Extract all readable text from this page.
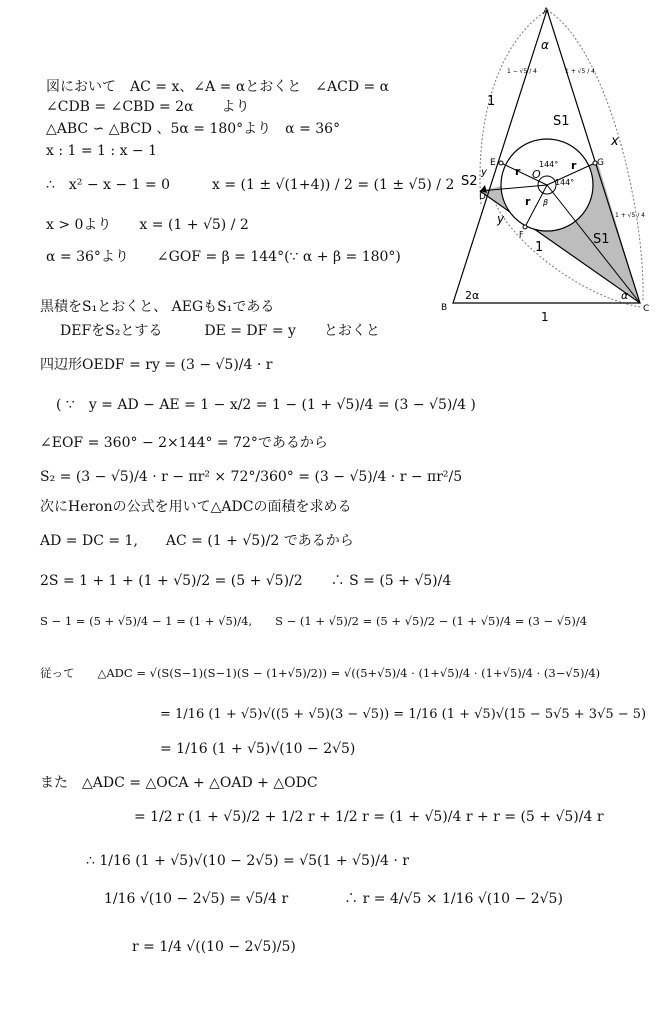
図において　AC = x、∠A = αとおくと　∠ACD = α
∠CDB = ∠CBD = 2α　　より
△ABC ∽ △BCD 、5α = 180°より　α = 36°
x : 1 = 1 : x − 1
∴　x² − x − 1 = 0　　　x = (1 ± √(1+4)) / 2 = (1 ± √5) / 2
x > 0より　　x = (1 + √5) / 2
α = 36°より　　∠GOF = β = 144°(∵ α + β = 180°)
黒積をS₁とおくと、 AEGもS₁である
DEFをS₂とする　　　DE = DF = y　　とおくと
四辺形OEDF = ry = (3 − √5)/4 · r
( ∵　y = AD − AE = 1 − x/2 = 1 − (1 + √5)/4 = (3 − √5)/4 )
∠EOF = 360° − 2×144° = 72°であるから
S₂ = (3 − √5)/4 · r − πr² × 72°/360° = (3 − √5)/4 · r − πr²/5
次にHeronの公式を用いて△ADCの面積を求める
AD = DC = 1,　　AC = (1 + √5)/2 であるから
2S = 1 + 1 + (1 + √5)/2 = (5 + √5)/2　　∴ S = (5 + √5)/4
S − 1 = (5 + √5)/4 − 1 = (1 + √5)/4,　　S − (1 + √5)/2 = (5 + √5)/2 − (1 + √5)/4 = (3 − √5)/4
従って　　△ADC = √(S(S−1)(S−1)(S − (1+√5)/2)) = √((5+√5)/4 · (1+√5)/4 · (1+√5)/4 · (3−√5)/4)
= 1/16 (1 + √5)√((5 + √5)(3 − √5)) = 1/16 (1 + √5)√(15 − 5√5 + 3√5 − 5)
= 1/16 (1 + √5)√(10 − 2√5)
また　△ADC = △OCA + △OAD + △ODC
= 1/2 r (1 + √5)/2 + 1/2 r + 1/2 r = (1 + √5)/4 r + r = (5 + √5)/4 r
∴ 1/16 (1 + √5)√(10 − 2√5) = √5(1 + √5)/4 · r
1/16 √(10 − 2√5) = √5/4 r　　　　∴ r = 4/√5 × 1/16 √(10 − 2√5)
r = 1/4 √((10 − 2√5)/5)
A
α
1 − √5 / 4	1 + √5 / 4
1
S1
x
E	G
144°
144°
O
r	r
r β
S2
y
D
y
F
1
S1
1 + √5 / 4
2α	α
B	C
1
